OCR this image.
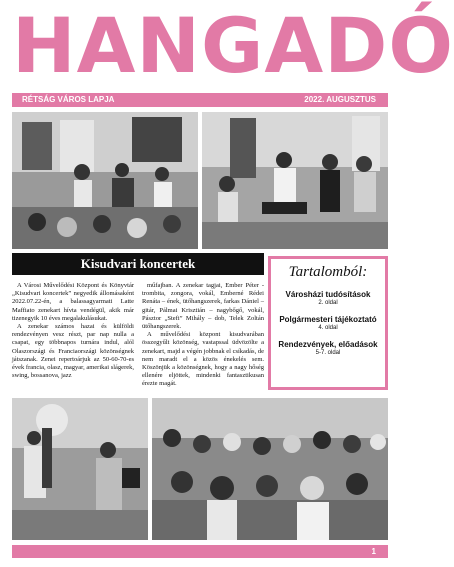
HANGADÓ
RÉTSÁG VÁROS LAPJA	2022. AUGUSZTUS
Kisudvari koncertek

A Városi Művelődési Központ és Könyvtár „Kisudvari koncertek” negyedik állomásaként 2022.07.22-én, a balassagyarmati Latte Maffiato zenekart hívta vendégül, akik már tizenegyik 10 éves megalakulásukat.

A zenekar számos hazai és külföldi rendezvényen vesz részt, par nap nulla a csapat, egy többnapos turnára indul, alól Olaszországi és Franciaországi közönségnek játszanak. Zenei repertoárjuk az 50-60-70-es évek francia, olasz, magyar, amerikai slágerek, swing, bossanova, jazz

műfajban. A zenekar tagjai, Ember Péter - trombita, zongora, vokál, Emberné Rédei Renáta – ének, ütőhangszerek, farkas Dániel – gitár, Pálmai Krisztián – nagybőgő, vokál, Pásztor „Stefi” Mihály – dob, Telek Zoltán ütőhangszerek.

A művelődési központ kisudvarában összegyűlt közönség, vastapssal üdvözölte a zenekart, majd a végén jobbnak el csíkadás, de nem maradt el a közös énekelés sem. Köszönjük a közönségnek, hogy a nagy hőség ellenére eljöttek, mindenki fantasztikusan érezte magát.

Tartalomból:
Városházi tudósítások
2. oldal
Polgármesteri tájékoztató
4. oldal
Rendezvények, előadások
5-7. oldal
1
